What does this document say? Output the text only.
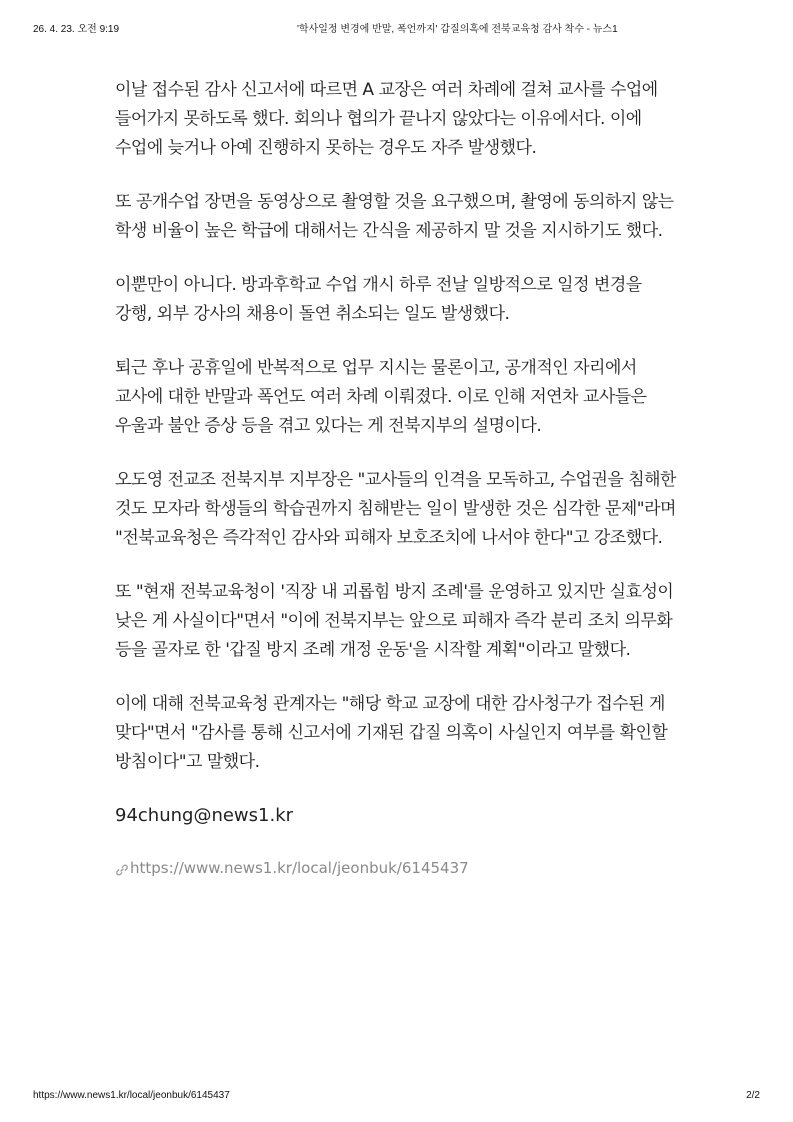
26. 4. 23. 오전 9:19	'학사일정 변경에 반말, 폭언까지' 갑질의혹에 전북교육청 감사 착수 - 뉴스1

이날 접수된 감사 신고서에 따르면 A 교장은 여러 차례에 걸쳐 교사를 수업에 들어가지 못하도록 했다. 회의나 협의가 끝나지 않았다는 이유에서다. 이에 수업에 늦거나 아예 진행하지 못하는 경우도 자주 발생했다.

또 공개수업 장면을 동영상으로 촬영할 것을 요구했으며, 촬영에 동의하지 않는 학생 비율이 높은 학급에 대해서는 간식을 제공하지 말 것을 지시하기도 했다.

이뿐만이 아니다. 방과후학교 수업 개시 하루 전날 일방적으로 일정 변경을 강행, 외부 강사의 채용이 돌연 취소되는 일도 발생했다.

퇴근 후나 공휴일에 반복적으로 업무 지시는 물론이고, 공개적인 자리에서 교사에 대한 반말과 폭언도 여러 차례 이뤄졌다. 이로 인해 저연차 교사들은 우울과 불안 증상 등을 겪고 있다는 게 전북지부의 설명이다.

오도영 전교조 전북지부 지부장은 "교사들의 인격을 모독하고, 수업권을 침해한 것도 모자라 학생들의 학습권까지 침해받는 일이 발생한 것은 심각한 문제"라며 "전북교육청은 즉각적인 감사와 피해자 보호조치에 나서야 한다"고 강조했다.

또 "현재 전북교육청이 '직장 내 괴롭힘 방지 조례'를 운영하고 있지만 실효성이 낮은 게 사실이다"면서 "이에 전북지부는 앞으로 피해자 즉각 분리 조치 의무화 등을 골자로 한 '갑질 방지 조례 개정 운동'을 시작할 계획"이라고 말했다.

이에 대해 전북교육청 관계자는 "해당 학교 교장에 대한 감사청구가 접수된 게 맞다"면서 "감사를 통해 신고서에 기재된 갑질 의혹이 사실인지 여부를 확인할 방침이다"고 말했다.

94chung@news1.kr
https://www.news1.kr/local/jeonbuk/6145437
https://www.news1.kr/local/jeonbuk/6145437	2/2
